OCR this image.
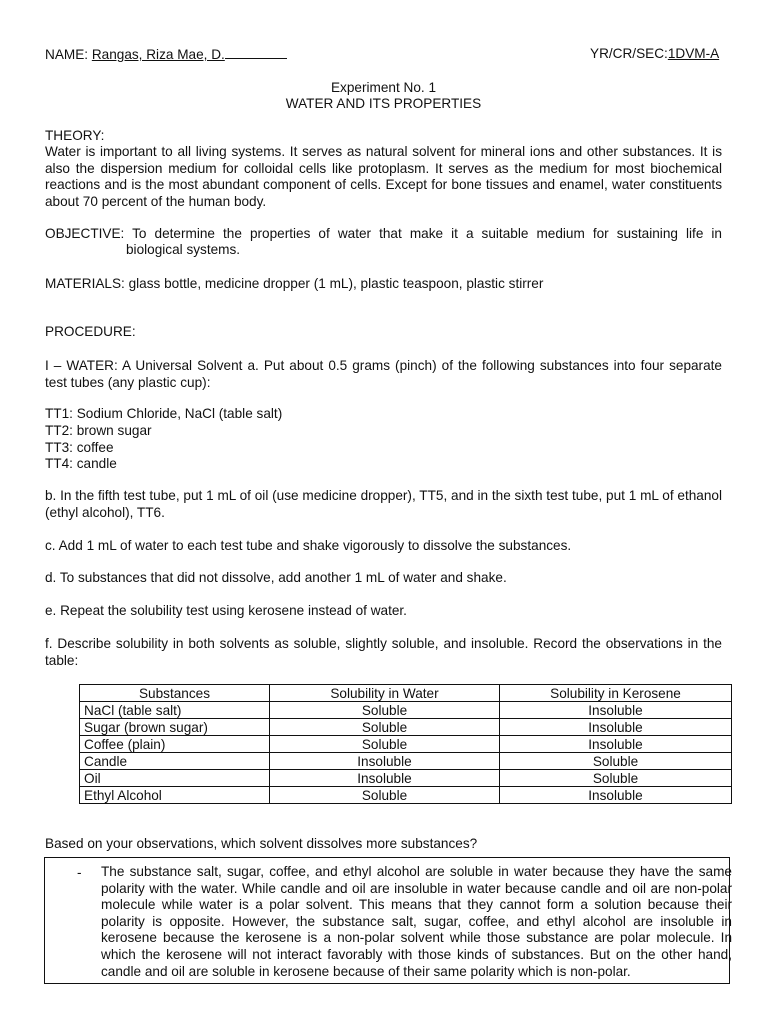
NAME: Rangas, Riza Mae, D.	YR/CR/SEC:1DVM-A
Experiment No. 1
WATER AND ITS PROPERTIES
THEORY:
Water is important to all living systems. It serves as natural solvent for mineral ions and other substances. It is also the dispersion medium for colloidal cells like protoplasm. It serves as the medium for most biochemical reactions and is the most abundant component of cells. Except for bone tissues and enamel, water constituents about 70 percent of the human body.
OBJECTIVE: To determine the properties of water that make it a suitable medium for sustaining life in
biological systems.
MATERIALS: glass bottle, medicine dropper (1 mL), plastic teaspoon, plastic stirrer
PROCEDURE:
I – WATER: A Universal Solvent a. Put about 0.5 grams (pinch) of the following substances into four separate test tubes (any plastic cup):
TT1: Sodium Chloride, NaCl (table salt)
TT2: brown sugar
TT3: coffee
TT4: candle
b. In the fifth test tube, put 1 mL of oil (use medicine dropper), TT5, and in the sixth test tube, put 1 mL of ethanol (ethyl alcohol), TT6.
c. Add 1 mL of water to each test tube and shake vigorously to dissolve the substances.
d. To substances that did not dissolve, add another 1 mL of water and shake.
e. Repeat the solubility test using kerosene instead of water.
f. Describe solubility in both solvents as soluble, slightly soluble, and insoluble. Record the observations in the table:
Substances	Solubility in Water	Solubility in Kerosene
NaCl (table salt)	Soluble	Insoluble
Sugar (brown sugar)	Soluble	Insoluble
Coffee (plain)	Soluble	Insoluble
Candle	Insoluble	Soluble
Oil	Insoluble	Soluble
Ethyl Alcohol	Soluble	Insoluble
Based on your observations, which solvent dissolves more substances?
- The substance salt, sugar, coffee, and ethyl alcohol are soluble in water because they have the same polarity with the water. While candle and oil are insoluble in water because candle and oil are non-polar molecule while water is a polar solvent. This means that they cannot form a solution because their polarity is opposite. However, the substance salt, sugar, coffee, and ethyl alcohol are insoluble in kerosene because the kerosene is a non-polar solvent while those substance are polar molecule. In which the kerosene will not interact favorably with those kinds of substances. But on the other hand, candle and oil are soluble in kerosene because of their same polarity which is non-polar.
